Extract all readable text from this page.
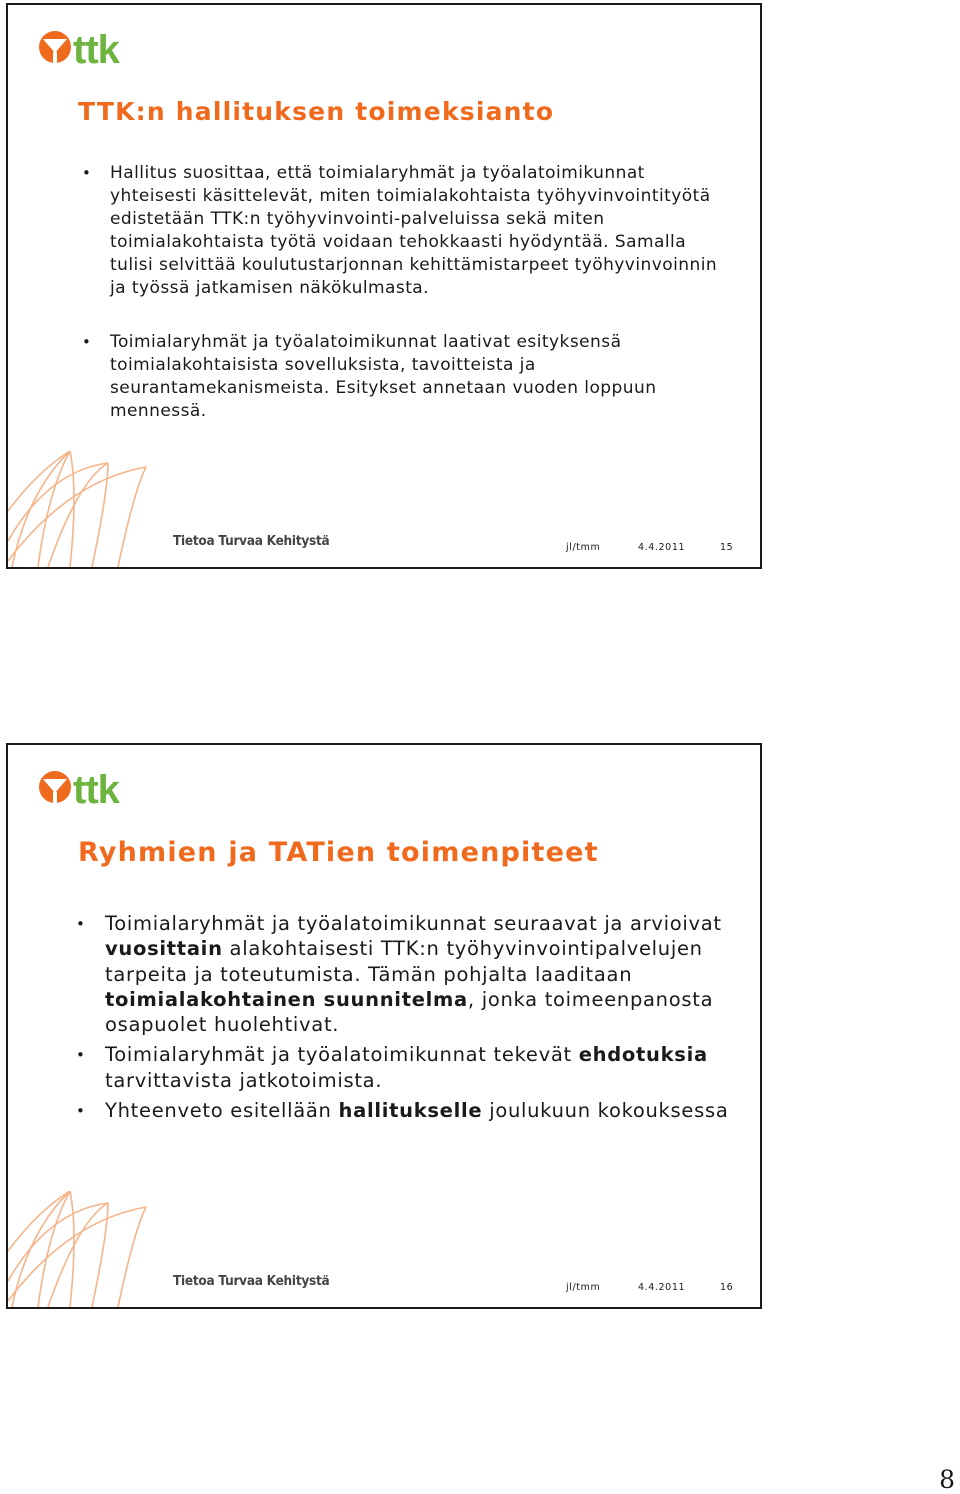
ttk
TTK:n hallituksen toimeksianto
• Hallitus suosittaa, että toimialaryhmät ja työalatoimikunnat yhteisesti käsittelevät, miten toimialakohtaista työhyvinvointityötä edistetään TTK:n työhyvinvointi-palveluissa sekä miten toimialakohtaista työtä voidaan tehokkaasti hyödyntää. Samalla tulisi selvittää koulutustarjonnan kehittämistarpeet työhyvinvoinnin ja työssä jatkamisen näkökulmasta.
• Toimialaryhmät ja työalatoimikunnat laativat esityksensä toimialakohtaisista sovelluksista, tavoitteista ja seurantamekanismeista. Esitykset annetaan vuoden loppuun mennessä.
Tietoa Turvaa Kehitystä	jl/tmm	4.4.2011	15
ttk
Ryhmien ja TATien toimenpiteet
• Toimialaryhmät ja työalatoimikunnat seuraavat ja arvioivat vuosittain alakohtaisesti TTK:n työhyvinvointipalvelujen tarpeita ja toteutumista. Tämän pohjalta laaditaan toimialakohtainen suunnitelma, jonka toimeenpanosta osapuolet huolehtivat.
• Toimialaryhmät ja työalatoimikunnat tekevät ehdotuksia tarvittavista jatkotoimista.
• Yhteenveto esitellään hallitukselle joulukuun kokouksessa
Tietoa Turvaa Kehitystä	jl/tmm	4.4.2011	16
8
